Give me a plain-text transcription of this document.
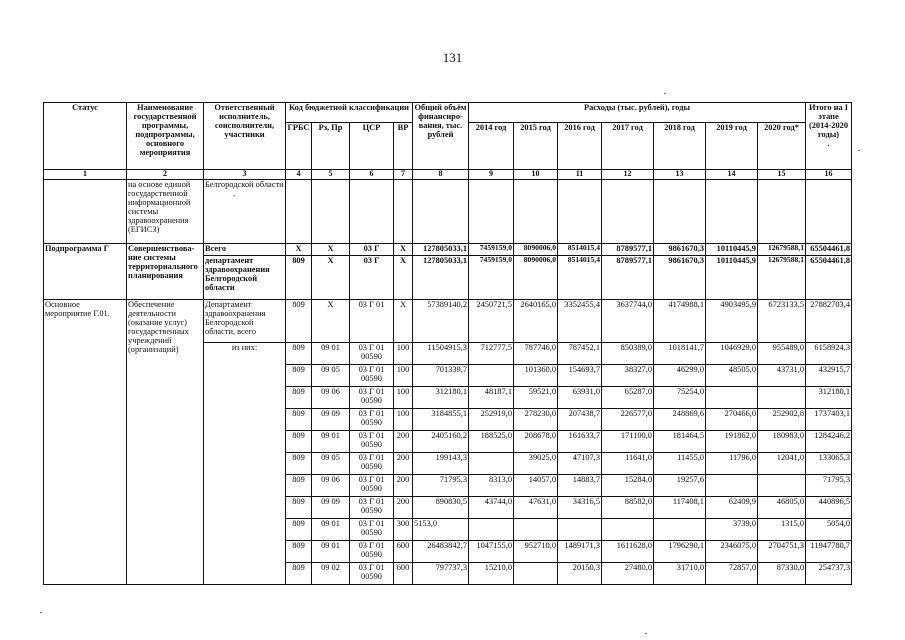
131
Статус	Наименование государственной программы, подпрограммы, основного мероприятия	Ответственный исполнитель, соисполнители, участники	Код бюджетной классификации				Общий объём финансиро-вания, тыс. рублей	Расходы (тыс. рублей), годы							Итого на I этапе (2014-2020 годы)
.
			ГРБС	Рз, Пр	ЦСР	ВР		2014 год	2015 год	2016 год	2017 год	2018 год	2019 год	2020 год*	
1	2	3	4	5	6	7	8	9	10	11	12	13	14	15	16
	на основе единой государственной информационной системы здравоохранения (ЕГИСЗ)	Белгородской области
.													
Подпрограмма Г	Совершенствова-ние системы территориального планирования	Всего	Х	Х	03 Г	Х	127805033,1	7459159,0	8090006,0	8514015,4	8789577,1	9861670,3	10110445,9	12679588,1	65504461,8
		департамент здравоохранения Белгородской области	809	Х	03 Г	Х	127805033,1	7459159,0	8090006,0	8514015,4	8789577,1	9861670,3	10110445,9	12679588,1	65504461,8
Основное мероприятие Г.01.	Обеспечение деятельности (оказание услуг) государственных учреждений (организаций)	Департамент здравоохранения Белгородской области, всего	809	Х	03 Г 01	Х	57389140,2	2450721,5	2640165,0	3352455,4	3637744,0	4174988,1	4903495,9	6723133,5	27882703,4
		из них:	809	09 01	03 Г 01 00590	100	11504915,3	712777,5	787746,0	787452,1	850389,0	1018141,7	1046929,0	955489,0	6158924,3
			809	09 05	03 Г 01 00590	100	701339,7		101360,0	154693,7	38327,0	46299,0	48505,0	43731,0	432915,7
			809	09 06	03 Г 01 00590	100	312180,1	48187,1	59521,0	63931,0	65287,0	75254,0			312180,1
			809	09 09	03 Г 01 00590	100	3184855,1	252919,0	278230,0	207438,7	226577,0	248869,6	270466,0	252902,8	1737403,1
			809	09 01	03 Г 01 00590	200	2405160,2	188525,0	208678,0	161633,7	171100,0	181464,5	191862,0	180983,0	1284246,2
			809	09 05	03 Г 01 00590	200	199143,3		39025,0	47107,3	11641,0	11455,0	11796,0	12041,0	133065,3
			809	09 06	03 Г 01 00590	200	71795,3	8313,0	14057,0	14883,7	15284,0	19257,6			71795,3
			809	09 09	03 Г 01 00590	200	890830,5	43744,0	47631,0	34316,5	88582,0	117408,1	62409,9	46805,0	440896,5
			809	09 01	03 Г 01 00590	300	5153,0						3739,0	1315,0	5054,0
			809	09 01	03 Г 01 00590	600	26483842,7	1047155,0	952710,0	1489171,3	1611628,0	1796290,1	2346075,0	2704751,3	11947780,7
			809	09 02	03 Г 01 00590	600	797737,3	15210,0		20150,3	27480,0	31710,0	72857,0	87330,0	254737,3
